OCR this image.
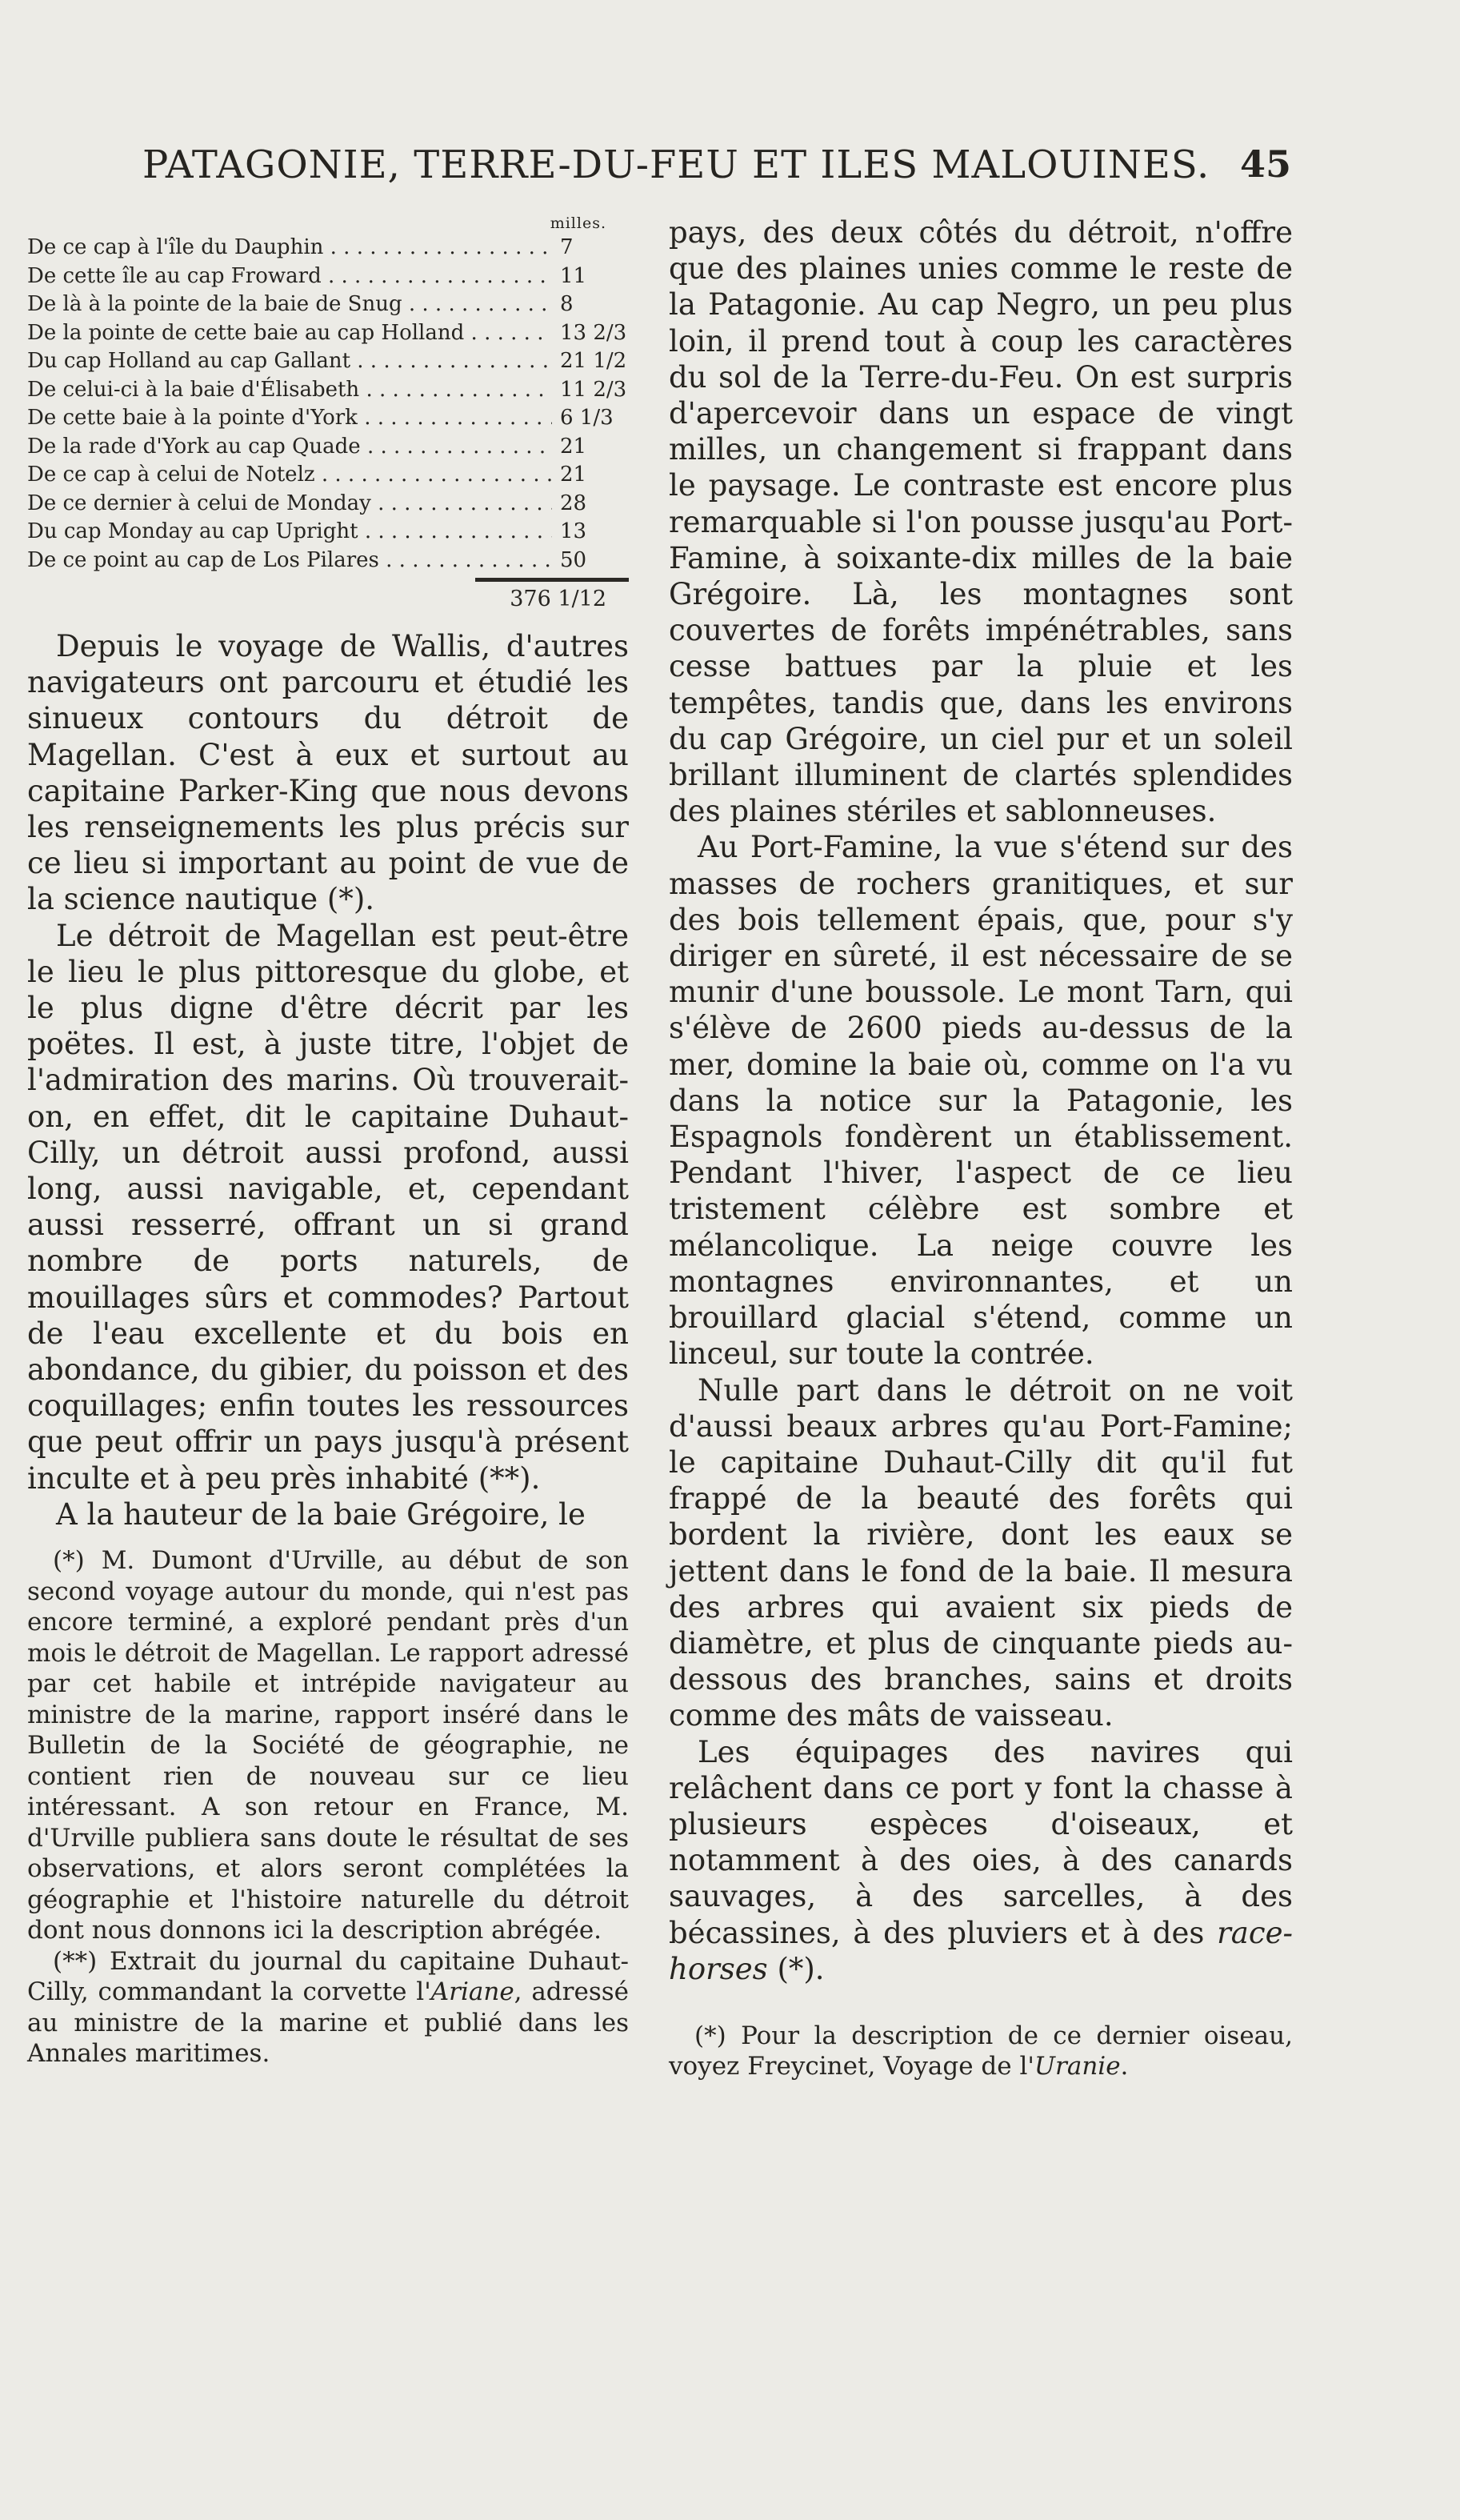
PATAGONIE, TERRE-DU-FEU ET ILES MALOUINES. 45
milles.
De ce cap à l'île du Dauphin . . .	7
De cette île au cap Froward . . .	11
De là à la pointe de la baie de Snug . . .	8
De la pointe de cette baie au cap Holland . . .	13 2/3
Du cap Holland au cap Gallant . . .	21 1/2
De celui-ci à la baie d'Élisabeth . . .	11 2/3
De cette baie à la pointe d'York . . .	6 1/3
De la rade d'York au cap Quade . . .	21
De ce cap à celui de Notelz . . .	21
De ce dernier à celui de Monday . . .	28
Du cap Monday au cap Upright . . .	13
De ce point au cap de Los Pilares . . .	50
376 1/12

Depuis le voyage de Wallis, d'autres navigateurs ont parcouru et étudié les sinueux contours du détroit de Magellan. C'est à eux et surtout au capitaine Parker-King que nous devons les renseignements les plus précis sur ce lieu si important au point de vue de la science nautique (*).

Le détroit de Magellan est peut-être le lieu le plus pittoresque du globe, et le plus digne d'être décrit par les poëtes. Il est, à juste titre, l'objet de l'admiration des marins. Où trouverait-on, en effet, dit le capitaine Duhaut-Cilly, un détroit aussi profond, aussi long, aussi navigable, et, cependant aussi resserré, offrant un si grand nombre de ports naturels, de mouillages sûrs et commodes? Partout de l'eau excellente et du bois en abondance, du gibier, du poisson et des coquillages; enfin toutes les ressources que peut offrir un pays jusqu'à présent inculte et à peu près inhabité (**).

A la hauteur de la baie Grégoire, le

(*) M. Dumont d'Urville, au début de son second voyage autour du monde, qui n'est pas encore terminé, a exploré pendant près d'un mois le détroit de Magellan. Le rapport adressé par cet habile et intrépide navigateur au ministre de la marine, rapport inséré dans le Bulletin de la Société de géographie, ne contient rien de nouveau sur ce lieu intéressant. A son retour en France, M. d'Urville publiera sans doute le résultat de ses observations, et alors seront complétées la géographie et l'histoire naturelle du détroit dont nous donnons ici la description abrégée.

(**) Extrait du journal du capitaine Duhaut-Cilly, commandant la corvette l'Ariane, adressé au ministre de la marine et publié dans les Annales maritimes.

pays, des deux côtés du détroit, n'offre que des plaines unies comme le reste de la Patagonie. Au cap Negro, un peu plus loin, il prend tout à coup les caractères du sol de la Terre-du-Feu. On est surpris d'apercevoir dans un espace de vingt milles, un changement si frappant dans le paysage. Le contraste est encore plus remarquable si l'on pousse jusqu'au Port-Famine, à soixante-dix milles de la baie Grégoire. Là, les montagnes sont couvertes de forêts impénétrables, sans cesse battues par la pluie et les tempêtes, tandis que, dans les environs du cap Grégoire, un ciel pur et un soleil brillant illuminent de clartés splendides des plaines stériles et sablonneuses.

Au Port-Famine, la vue s'étend sur des masses de rochers granitiques, et sur des bois tellement épais, que, pour s'y diriger en sûreté, il est nécessaire de se munir d'une boussole. Le mont Tarn, qui s'élève de 2600 pieds au-dessus de la mer, domine la baie où, comme on l'a vu dans la notice sur la Patagonie, les Espagnols fondèrent un établissement. Pendant l'hiver, l'aspect de ce lieu tristement célèbre est sombre et mélancolique. La neige couvre les montagnes environnantes, et un brouillard glacial s'étend, comme un linceul, sur toute la contrée.

Nulle part dans le détroit on ne voit d'aussi beaux arbres qu'au Port-Famine; le capitaine Duhaut-Cilly dit qu'il fut frappé de la beauté des forêts qui bordent la rivière, dont les eaux se jettent dans le fond de la baie. Il mesura des arbres qui avaient six pieds de diamètre, et plus de cinquante pieds au-dessous des branches, sains et droits comme des mâts de vaisseau.

Les équipages des navires qui relâchent dans ce port y font la chasse à plusieurs espèces d'oiseaux, et notamment à des oies, à des canards sauvages, à des sarcelles, à des bécassines, à des pluviers et à des race-horses (*).

(*) Pour la description de ce dernier oiseau, voyez Freycinet, Voyage de l'Uranie.
